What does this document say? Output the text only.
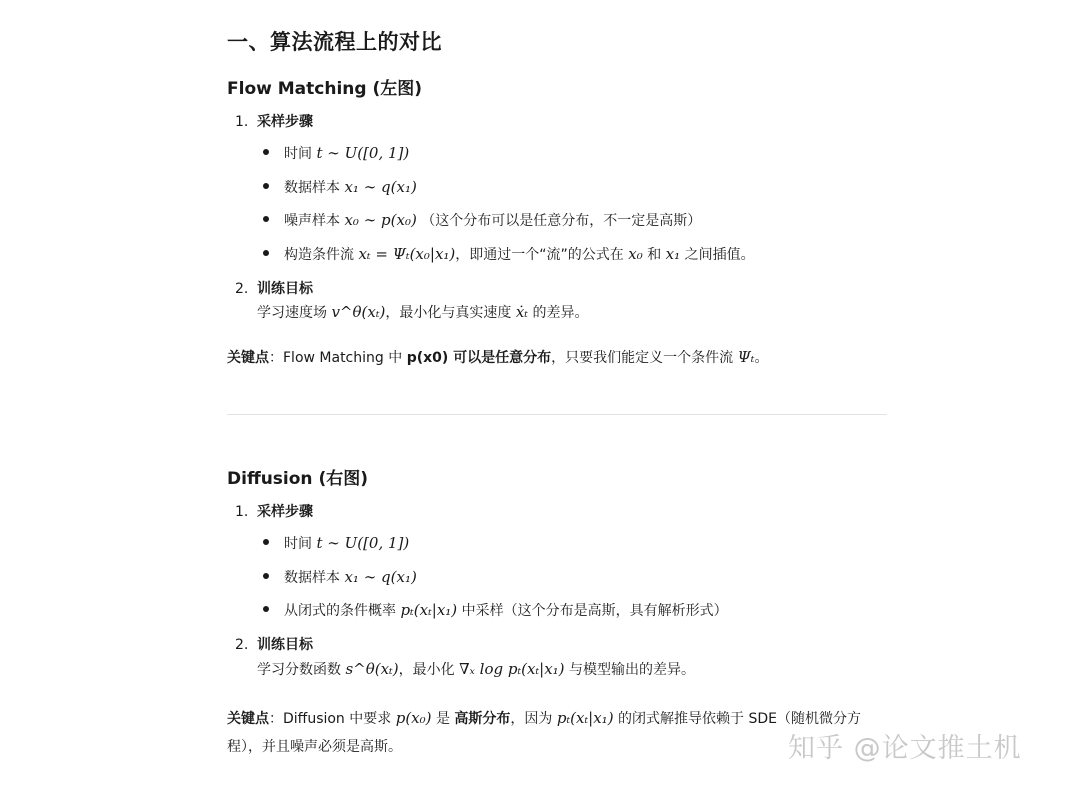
一、算法流程上的对比
Flow Matching (左图)
1. 采样步骤
时间 t ∼ U([0, 1])
数据样本 x₁ ∼ q(x₁)
噪声样本 x₀ ∼ p(x₀) （这个分布可以是任意分布，不一定是高斯）
构造条件流 xₜ = Ψₜ(x₀|x₁)，即通过一个“流”的公式在 x₀ 和 x₁ 之间插值。
2. 训练目标
学习速度场 v^θ(xₜ)，最小化与真实速度 ẋₜ 的差异。
关键点：Flow Matching 中 p(x0) 可以是任意分布，只要我们能定义一个条件流 Ψₜ。
Diffusion (右图)
1. 采样步骤
时间 t ∼ U([0, 1])
数据样本 x₁ ∼ q(x₁)
从闭式的条件概率 pₜ(xₜ|x₁) 中采样（这个分布是高斯，具有解析形式）
2. 训练目标
学习分数函数 s^θ(xₜ)，最小化 ∇ₓ log pₜ(xₜ|x₁) 与模型输出的差异。
关键点：Diffusion 中要求 p(x₀) 是 高斯分布，因为 pₜ(xₜ|x₁) 的闭式解推导依赖于 SDE（随机微分方程），并且噪声必须是高斯。	知乎 @论文推土机
